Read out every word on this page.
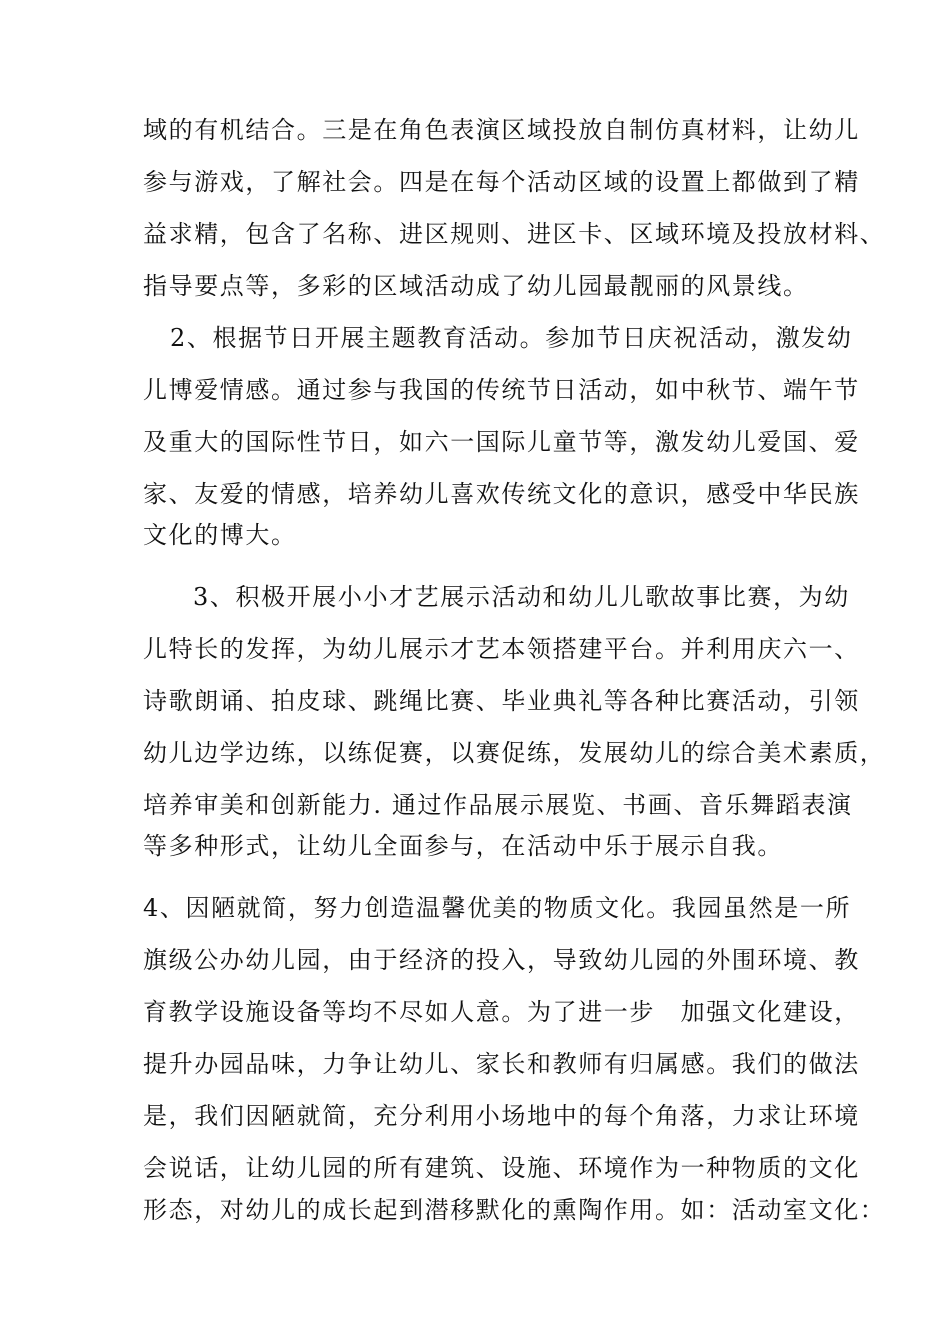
域的有机结合。三是在角色表演区域投放自制仿真材料，让幼儿
参与游戏，了解社会。四是在每个活动区域的设置上都做到了精
益求精，包含了名称、进区规则、进区卡、区域环境及投放材料、
指导要点等，多彩的区域活动成了幼儿园最靓丽的风景线。
2、根据节日开展主题教育活动。参加节日庆祝活动，激发幼
儿博爱情感。通过参与我国的传统节日活动，如中秋节、端午节
及重大的国际性节日，如六一国际儿童节等，激发幼儿爱国、爱
家、友爱的情感，培养幼儿喜欢传统文化的意识，感受中华民族
文化的博大。
3、积极开展小小才艺展示活动和幼儿儿歌故事比赛，为幼
儿特长的发挥，为幼儿展示才艺本领搭建平台。并利用庆六一、
诗歌朗诵、拍皮球、跳绳比赛、毕业典礼等各种比赛活动，引领
幼儿边学边练，以练促赛，以赛促练，发展幼儿的综合美术素质，
培养审美和创新能力. 通过作品展示展览、书画、音乐舞蹈表演
等多种形式，让幼儿全面参与，在活动中乐于展示自我。
4、因陋就简，努力创造温馨优美的物质文化。我园虽然是一所
旗级公办幼儿园，由于经济的投入，导致幼儿园的外围环境、教
育教学设施设备等均不尽如人意。为了进一步　加强文化建设，
提升办园品味，力争让幼儿、家长和教师有归属感。我们的做法
是，我们因陋就简，充分利用小场地中的每个角落，力求让环境
会说话，让幼儿园的所有建筑、设施、环境作为一种物质的文化
形态，对幼儿的成长起到潜移默化的熏陶作用。如：活动室文化：
